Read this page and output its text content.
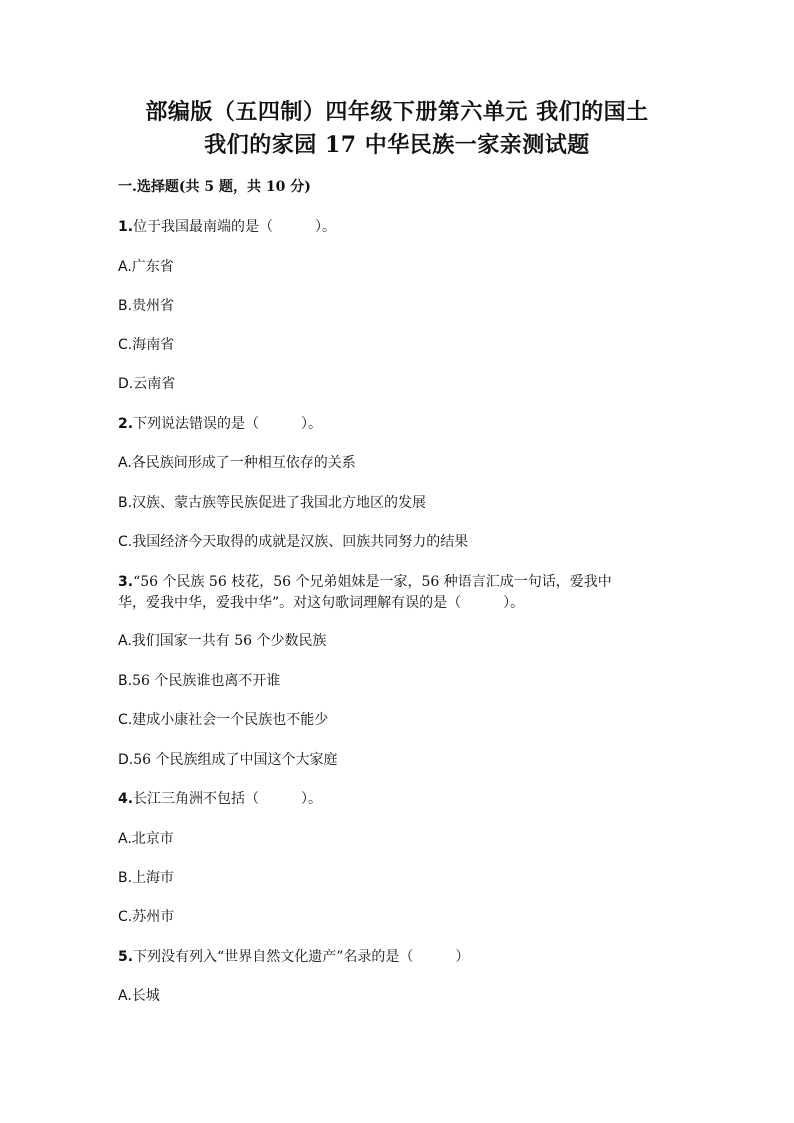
部编版（五四制）四年级下册第六单元 我们的国土
我们的家园 17 中华民族一家亲测试题
一.选择题(共 5 题，共 10 分)
1.位于我国最南端的是（　　　）。
A.广东省
B.贵州省
C.海南省
D.云南省
2.下列说法错误的是（　　　）。
A.各民族间形成了一种相互依存的关系
B.汉族、蒙古族等民族促进了我国北方地区的发展
C.我国经济今天取得的成就是汉族、回族共同努力的结果
3.“56 个民族 56 枝花，56 个兄弟姐妹是一家，56 种语言汇成一句话，爱我中
华，爱我中华，爱我中华”。对这句歌词理解有误的是（　　　）。
A.我们国家一共有 56 个少数民族
B.56 个民族谁也离不开谁
C.建成小康社会一个民族也不能少
D.56 个民族组成了中国这个大家庭
4.长江三角洲不包括（　　　）。
A.北京市
B.上海市
C.苏州市
5.下列没有列入“世界自然文化遗产”名录的是（　　　）
A.长城
